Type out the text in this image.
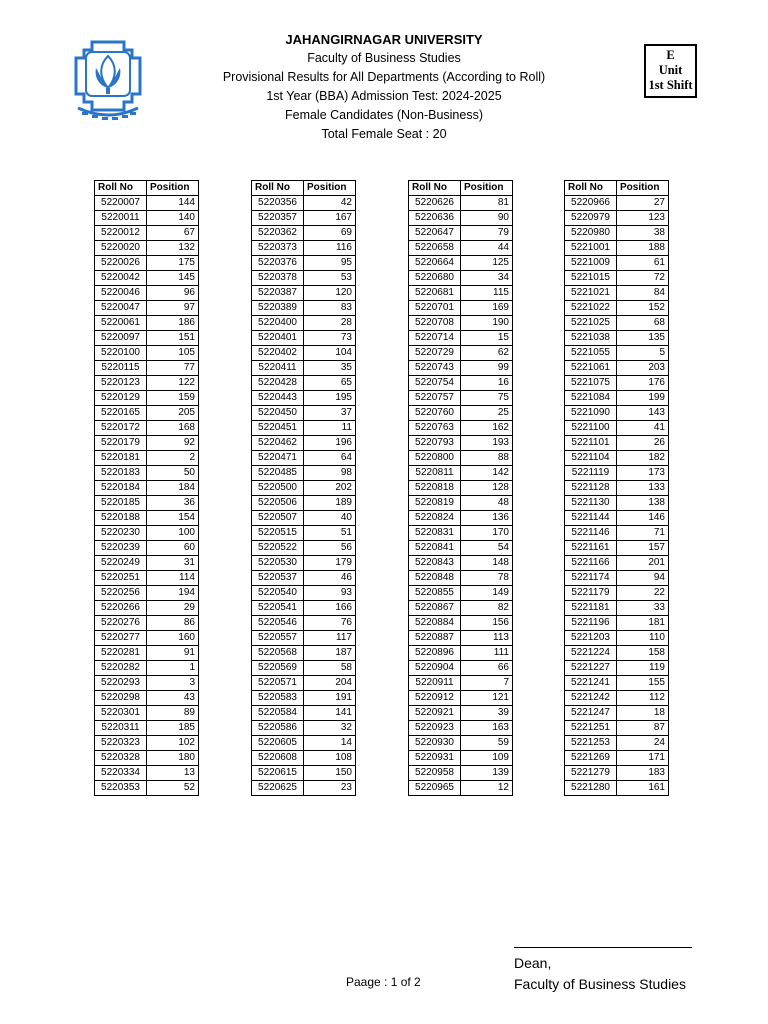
JAHANGIRNAGAR UNIVERSITY
Faculty of Business Studies
Provisional Results for All Departments (According to Roll)
1st Year (BBA) Admission Test: 2024-2025
Female Candidates (Non-Business)
Total Female Seat : 20
E
Unit
1st Shift
Roll No	Position
5220007	144
5220011	140
5220012	67
5220020	132
5220026	175
5220042	145
5220046	96
5220047	97
5220061	186
5220097	151
5220100	105
5220115	77
5220123	122
5220129	159
5220165	205
5220172	168
5220179	92
5220181	2
5220183	50
5220184	184
5220185	36
5220188	154
5220230	100
5220239	60
5220249	31
5220251	114
5220256	194
5220266	29
5220276	86
5220277	160
5220281	91
5220282	1
5220293	3
5220298	43
5220301	89
5220311	185
5220323	102
5220328	180
5220334	13
5220353	52
Roll No	Position
5220356	42
5220357	167
5220362	69
5220373	116
5220376	95
5220378	53
5220387	120
5220389	83
5220400	28
5220401	73
5220402	104
5220411	35
5220428	65
5220443	195
5220450	37
5220451	11
5220462	196
5220471	64
5220485	98
5220500	202
5220506	189
5220507	40
5220515	51
5220522	56
5220530	179
5220537	46
5220540	93
5220541	166
5220546	76
5220557	117
5220568	187
5220569	58
5220571	204
5220583	191
5220584	141
5220586	32
5220605	14
5220608	108
5220615	150
5220625	23
Roll No	Position
5220626	81
5220636	90
5220647	79
5220658	44
5220664	125
5220680	34
5220681	115
5220701	169
5220708	190
5220714	15
5220729	62
5220743	99
5220754	16
5220757	75
5220760	25
5220763	162
5220793	193
5220800	88
5220811	142
5220818	128
5220819	48
5220824	136
5220831	170
5220841	54
5220843	148
5220848	78
5220855	149
5220867	82
5220884	156
5220887	113
5220896	111
5220904	66
5220911	7
5220912	121
5220921	39
5220923	163
5220930	59
5220931	109
5220958	139
5220965	12
Roll No	Position
5220966	27
5220979	123
5220980	38
5221001	188
5221009	61
5221015	72
5221021	84
5221022	152
5221025	68
5221038	135
5221055	5
5221061	203
5221075	176
5221084	199
5221090	143
5221100	41
5221101	26
5221104	182
5221119	173
5221128	133
5221130	138
5221144	146
5221146	71
5221161	157
5221166	201
5221174	94
5221179	22
5221181	33
5221196	181
5221203	110
5221224	158
5221227	119
5221241	155
5221242	112
5221247	18
5221251	87
5221253	24
5221269	171
5221279	183
5221280	161
Dean,
Faculty of Business Studies
Paage : 1 of 2
